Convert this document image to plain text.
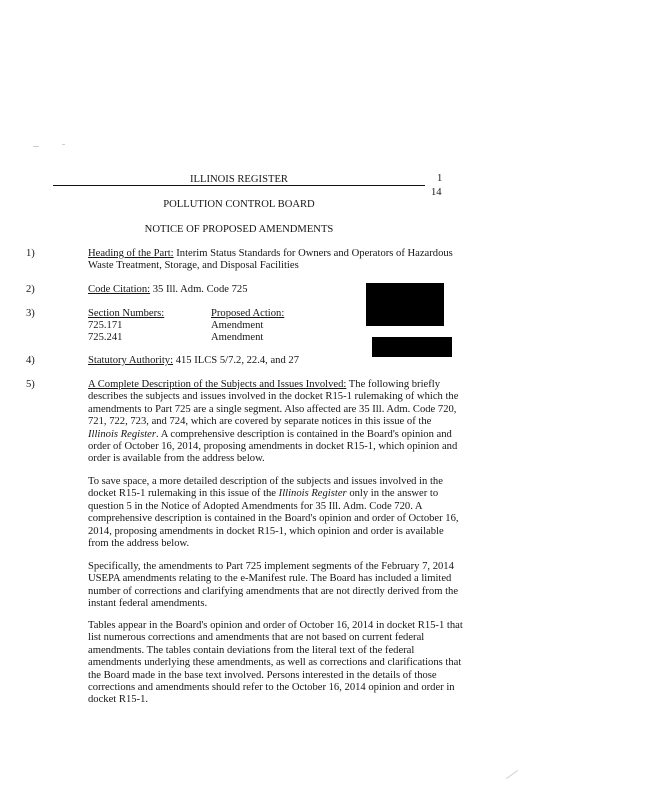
ILLINOIS REGISTER	1
14
POLLUTION CONTROL BOARD
NOTICE OF PROPOSED AMENDMENTS
1)	Heading of the Part: Interim Status Standards for Owners and Operators of Hazardous Waste Treatment, Storage, and Disposal Facilities
2)	Code Citation: 35 Ill. Adm. Code 725
3)	Section Numbers:	Proposed Action:
725.171	Amendment
725.241	Amendment
4)	Statutory Authority: 415 ILCS 5/7.2, 22.4, and 27
5)	A Complete Description of the Subjects and Issues Involved: The following briefly describes the subjects and issues involved in the docket R15-1 rulemaking of which the amendments to Part 725 are a single segment. Also affected are 35 Ill. Adm. Code 720, 721, 722, 723, and 724, which are covered by separate notices in this issue of the Illinois Register. A comprehensive description is contained in the Board's opinion and order of October 16, 2014, proposing amendments in docket R15-1, which opinion and order is available from the address below.
To save space, a more detailed description of the subjects and issues involved in the docket R15-1 rulemaking in this issue of the Illinois Register only in the answer to question 5 in the Notice of Adopted Amendments for 35 Ill. Adm. Code 720. A comprehensive description is contained in the Board's opinion and order of October 16, 2014, proposing amendments in docket R15-1, which opinion and order is available from the address below.
Specifically, the amendments to Part 725 implement segments of the February 7, 2014 USEPA amendments relating to the e-Manifest rule. The Board has included a limited number of corrections and clarifying amendments that are not directly derived from the instant federal amendments.
Tables appear in the Board's opinion and order of October 16, 2014 in docket R15-1 that list numerous corrections and amendments that are not based on current federal amendments. The tables contain deviations from the literal text of the federal amendments underlying these amendments, as well as corrections and clarifications that the Board made in the base text involved. Persons interested in the details of those corrections and amendments should refer to the October 16, 2014 opinion and order in docket R15-1.
